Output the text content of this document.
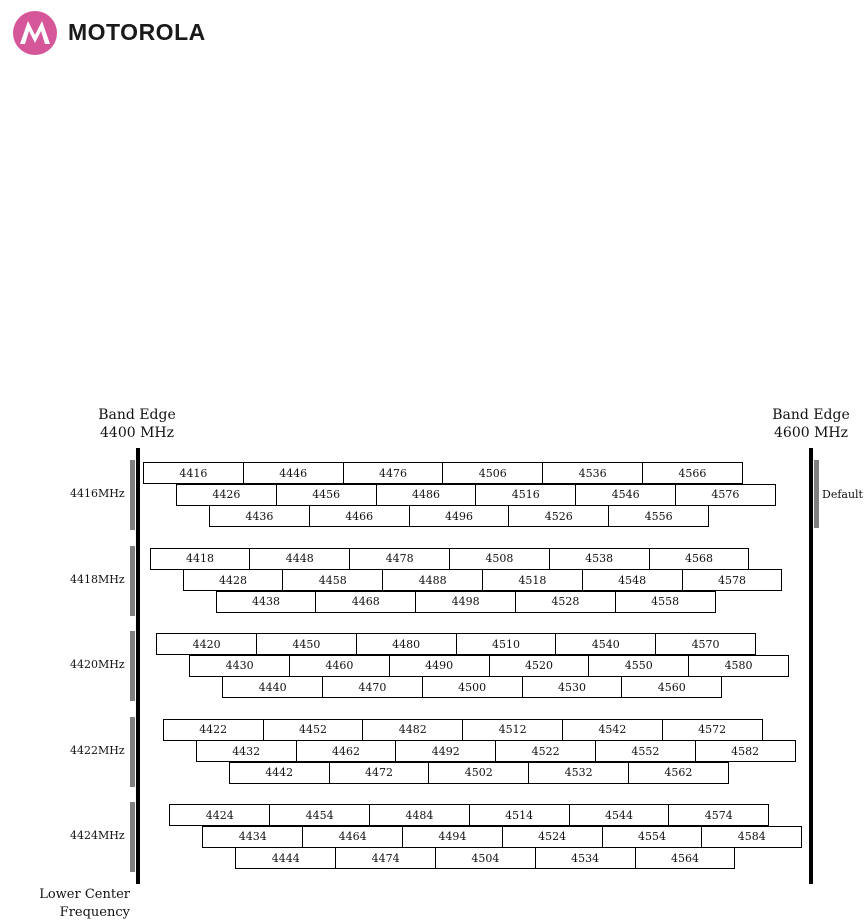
MOTOROLA
Band Edge
4400 MHz
Band Edge
4600 MHz
4416MHz
4416	4446	4476	4506	4536	4566
4426	4456	4486	4516	4546	4576
4436	4466	4496	4526	4556
4418MHz
4418	4448	4478	4508	4538	4568
4428	4458	4488	4518	4548	4578
4438	4468	4498	4528	4558
4420MHz
4420	4450	4480	4510	4540	4570
4430	4460	4490	4520	4550	4580
4440	4470	4500	4530	4560
4422MHz
4422	4452	4482	4512	4542	4572
4432	4462	4492	4522	4552	4582
4442	4472	4502	4532	4562
4424MHz
4424	4454	4484	4514	4544	4574
4434	4464	4494	4524	4554	4584
4444	4474	4504	4534	4564
Default
Lower Center
Frequency
